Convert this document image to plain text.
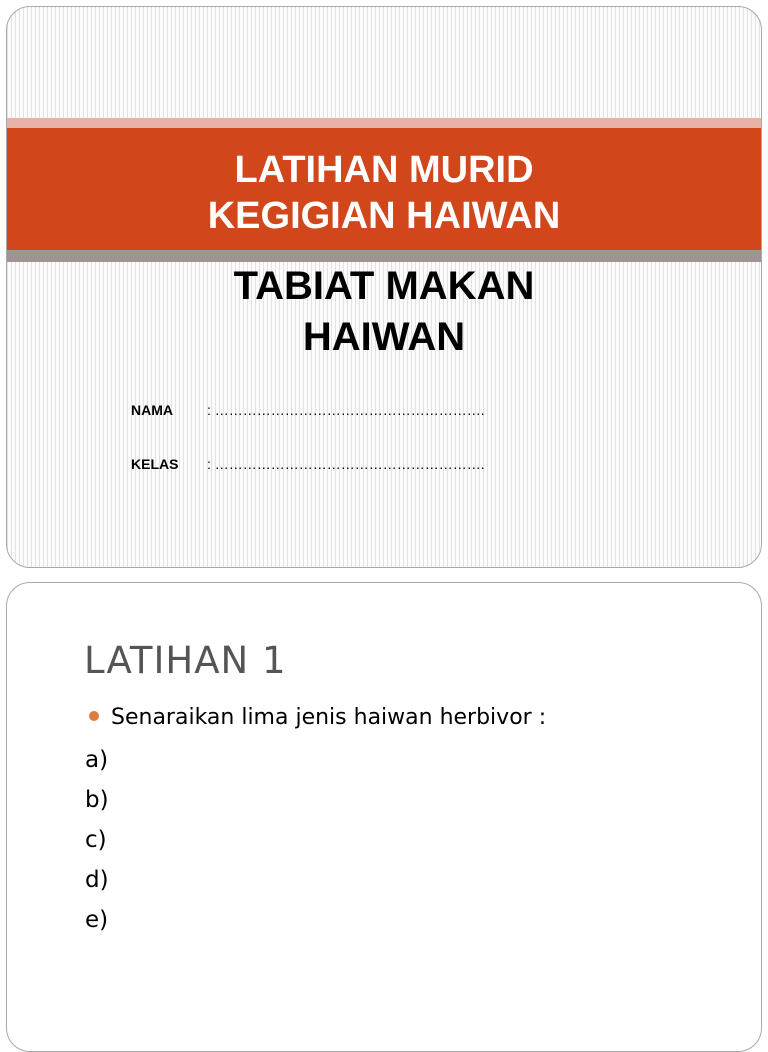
LATIHAN MURID
KEGIGIAN HAIWAN
TABIAT MAKAN
HAIWAN
NAMA : ………………………………………………….
KELAS : ………………………………………………….
LATIHAN 1
Senaraikan lima jenis haiwan herbivor :
a)
b)
c)
d)
e)
